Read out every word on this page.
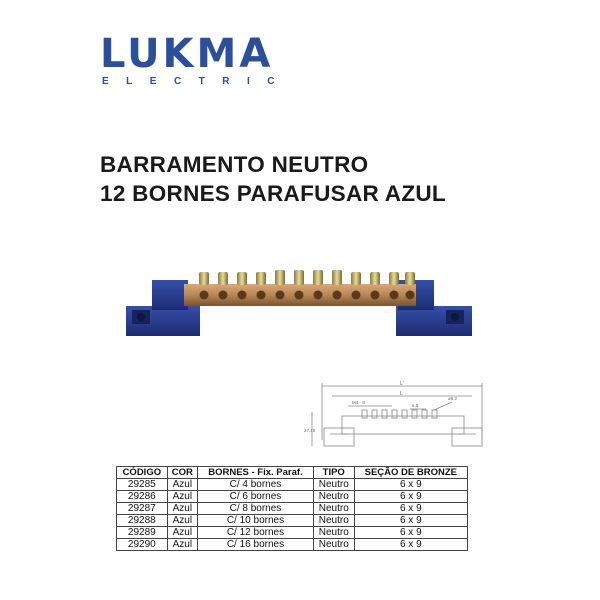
LUKMA
ELECTRIC
BARRAMENTO NEUTRO
12 BORNES PARAFUSAR AZUL
L'
L
M4 - 8
6,5
ø5,2
27,15
CÓDIGO	COR	BORNES - Fix. Paraf.	TIPO	SEÇÃO DE BRONZE
29285	Azul	C/ 4 bornes	Neutro	6 x 9
29286	Azul	C/ 6 bornes	Neutro	6 x 9
29287	Azul	C/ 8 bornes	Neutro	6 x 9
29288	Azul	C/ 10 bornes	Neutro	6 x 9
29289	Azul	C/ 12 bornes	Neutro	6 x 9
29290	Azul	C/ 16 bornes	Neutro	6 x 9
